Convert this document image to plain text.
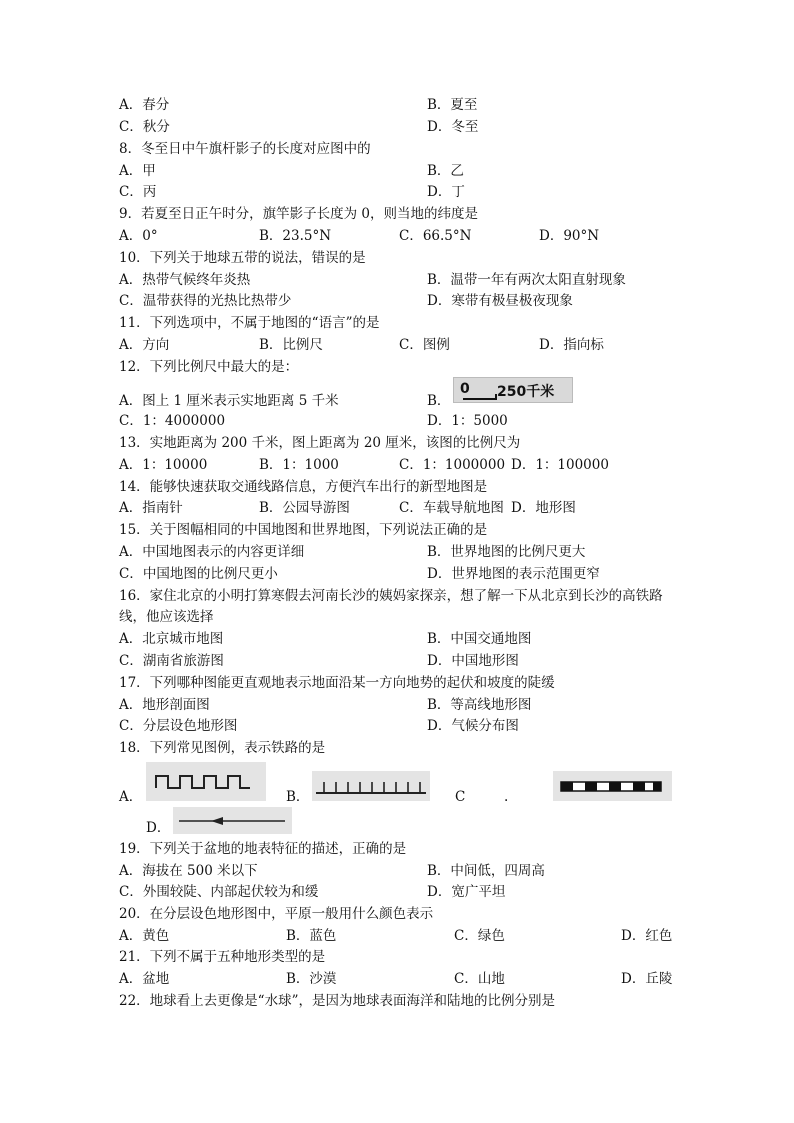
A．春分	B．夏至
C．秋分	D．冬至
8．冬至日中午旗杆影子的长度对应图中的
A．甲	B．乙
C．丙	D．丁
9．若夏至日正午时分，旗竿影子长度为 0，则当地的纬度是
A．0°	B．23.5°N	C．66.5°N	D．90°N
10．下列关于地球五带的说法，错误的是
A．热带气候终年炎热	B．温带一年有两次太阳直射现象
C．温带获得的光热比热带少	D．寒带有极昼极夜现象
11．下列选项中，不属于地图的“语言”的是
A．方向	B．比例尺	C．图例	D．指向标
12．下列比例尺中最大的是：
A．图上 1 厘米表示实地距离 5 千米	B．
0 250千米
C．1：4000000	D．1：5000
13．实地距离为 200 千米，图上距离为 20 厘米，该图的比例尺为
A．1：10000	B．1：1000	C．1：1000000 D．1：100000
14．能够快速获取交通线路信息，方便汽车出行的新型地图是
A．指南针	B．公园导游图	C．车载导航地图 D．地形图
15．关于图幅相同的中国地图和世界地图，下列说法正确的是
A．中国地图表示的内容更详细	B．世界地图的比例尺更大
C．中国地图的比例尺更小	D．世界地图的表示范围更窄
16．家住北京的小明打算寒假去河南长沙的姨妈家探亲，想了解一下从北京到长沙的高铁路
线，他应该选择
A．北京城市地图	B．中国交通地图
C．湖南省旅游图	D．中国地形图
17．下列哪种图能更直观地表示地面沿某一方向地势的起伏和坡度的陡缓
A．地形剖面图	B．等高线地形图
C．分层设色地形图	D．气候分布图
18．下列常见图例，表示铁路的是
A．	B．	C	.
D．
19．下列关于盆地的地表特征的描述，正确的是
A．海拔在 500 米以下	B．中间低，四周高
C．外围较陡、内部起伏较为和缓	D．宽广平坦
20．在分层设色地形图中，平原一般用什么颜色表示
A．黄色	B．蓝色	C．绿色	D．红色
21．下列不属于五种地形类型的是
A．盆地	B．沙漠	C．山地	D．丘陵
22．地球看上去更像是“水球”，是因为地球表面海洋和陆地的比例分别是
